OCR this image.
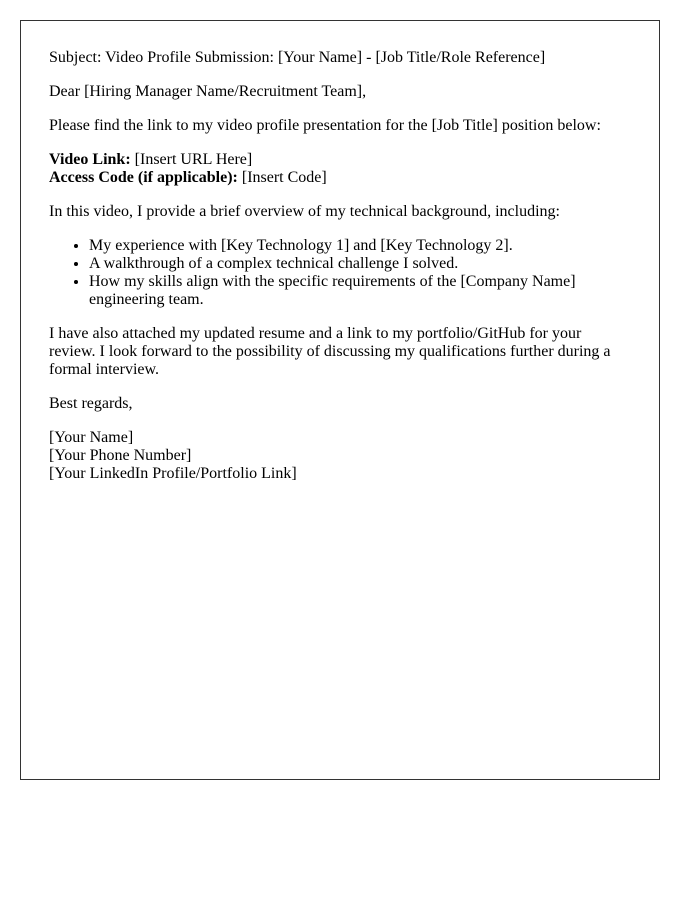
Subject: Video Profile Submission: [Your Name] - [Job Title/Role Reference]

Dear [Hiring Manager Name/Recruitment Team],

Please find the link to my video profile presentation for the [Job Title] position below:

Video Link: [Insert URL Here]
Access Code (if applicable): [Insert Code]

In this video, I provide a brief overview of my technical background, including:

• My experience with [Key Technology 1] and [Key Technology 2].
• A walkthrough of a complex technical challenge I solved.
• How my skills align with the specific requirements of the [Company Name] engineering team.

I have also attached my updated resume and a link to my portfolio/GitHub for your review. I look forward to the possibility of discussing my qualifications further during a formal interview.

Best regards,

[Your Name]
[Your Phone Number]
[Your LinkedIn Profile/Portfolio Link]
